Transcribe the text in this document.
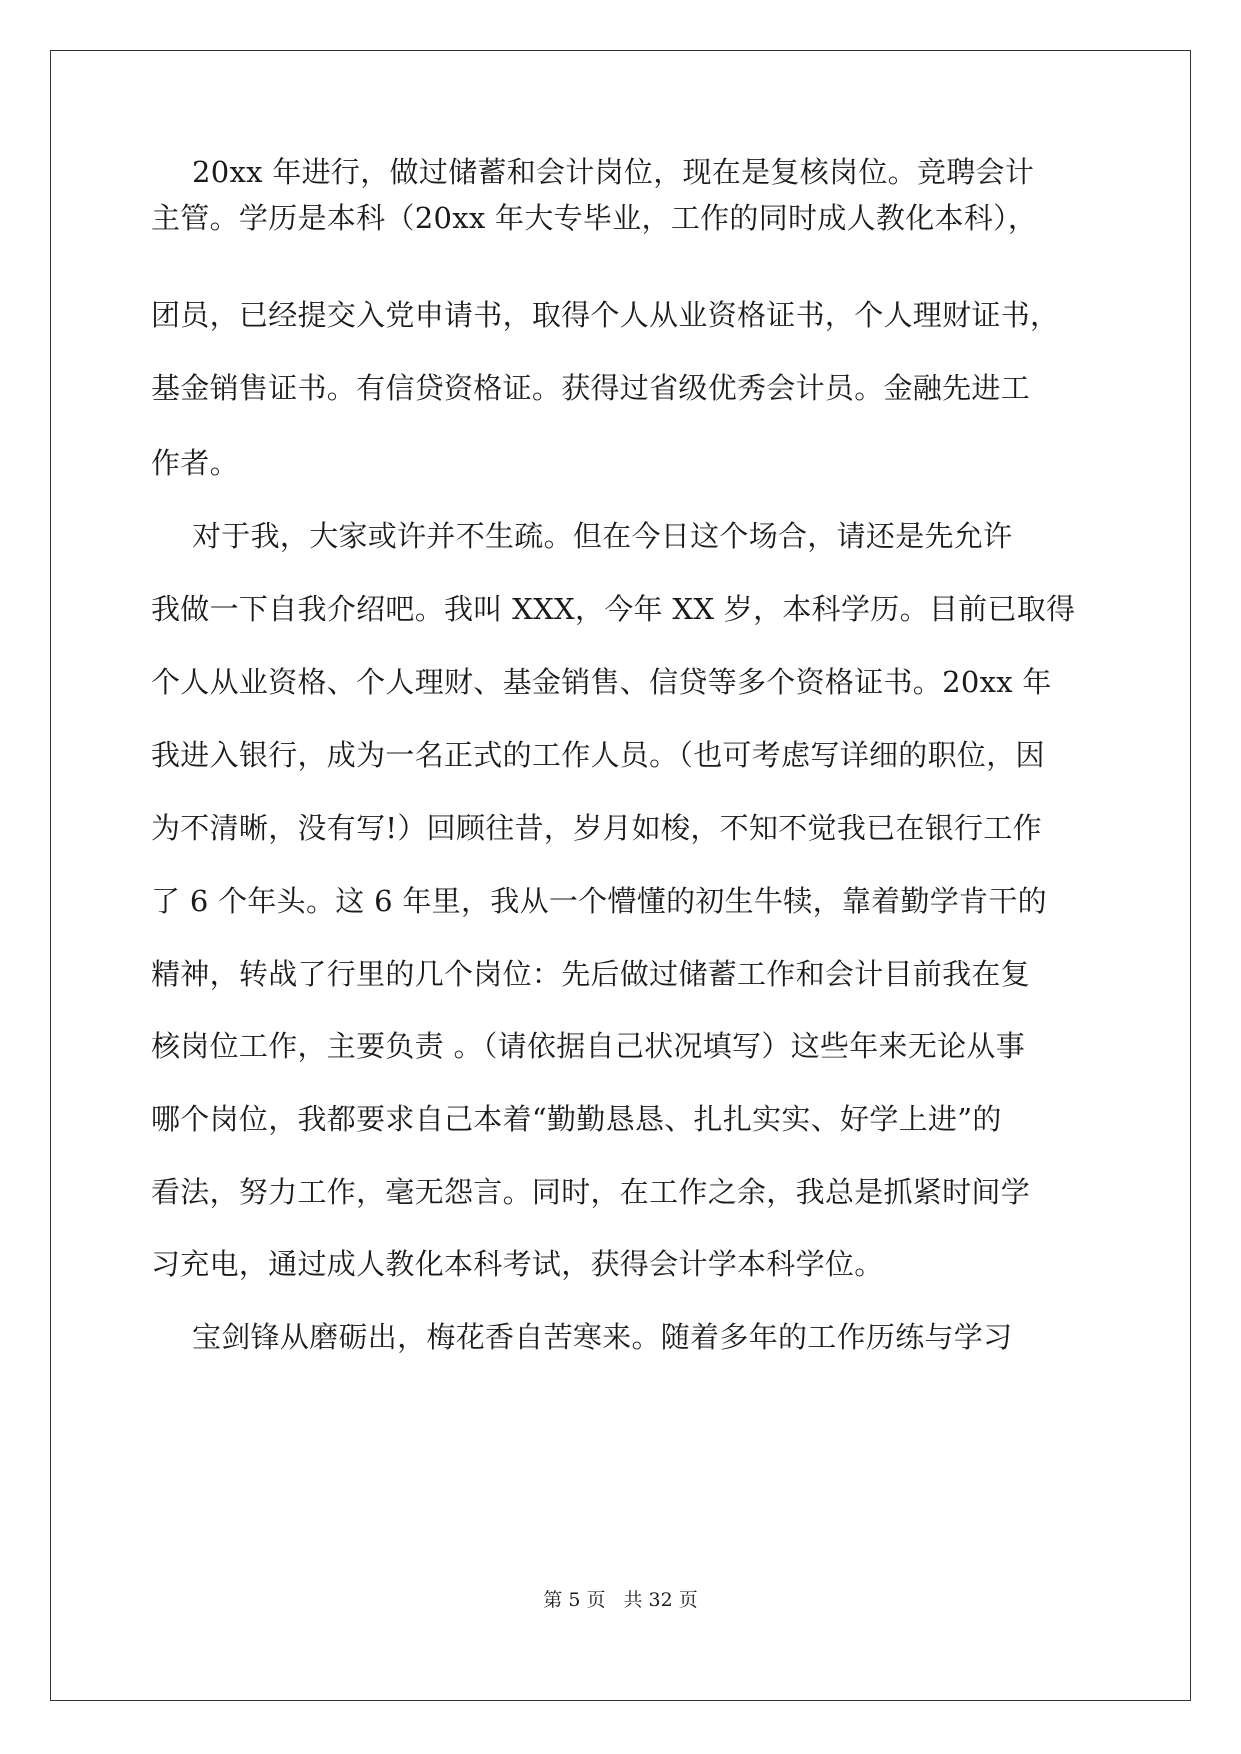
20xx 年进行，做过储蓄和会计岗位，现在是复核岗位。竞聘会计
主管。学历是本科（20xx 年大专毕业，工作的同时成人教化本科），
团员，已经提交入党申请书，取得个人从业资格证书，个人理财证书，
基金销售证书。有信贷资格证。获得过省级优秀会计员。金融先进工
作者。
对于我，大家或许并不生疏。但在今日这个场合，请还是先允许
我做一下自我介绍吧。我叫 XXX，今年 XX 岁，本科学历。目前已取得
个人从业资格、个人理财、基金销售、信贷等多个资格证书。20xx 年
我进入银行，成为一名正式的工作人员。（也可考虑写详细的职位，因
为不清晰，没有写!）回顾往昔，岁月如梭，不知不觉我已在银行工作
了 6 个年头。这 6 年里，我从一个懵懂的初生牛犊，靠着勤学肯干的
精神，转战了行里的几个岗位：先后做过储蓄工作和会计目前我在复
核岗位工作，主要负责 。（请依据自己状况填写）这些年来无论从事
哪个岗位，我都要求自己本着“勤勤恳恳、扎扎实实、好学上进”的
看法，努力工作，毫无怨言。同时，在工作之余，我总是抓紧时间学
习充电，通过成人教化本科考试，获得会计学本科学位。
宝剑锋从磨砺出，梅花香自苦寒来。随着多年的工作历练与学习
第 5 页 共 32 页
